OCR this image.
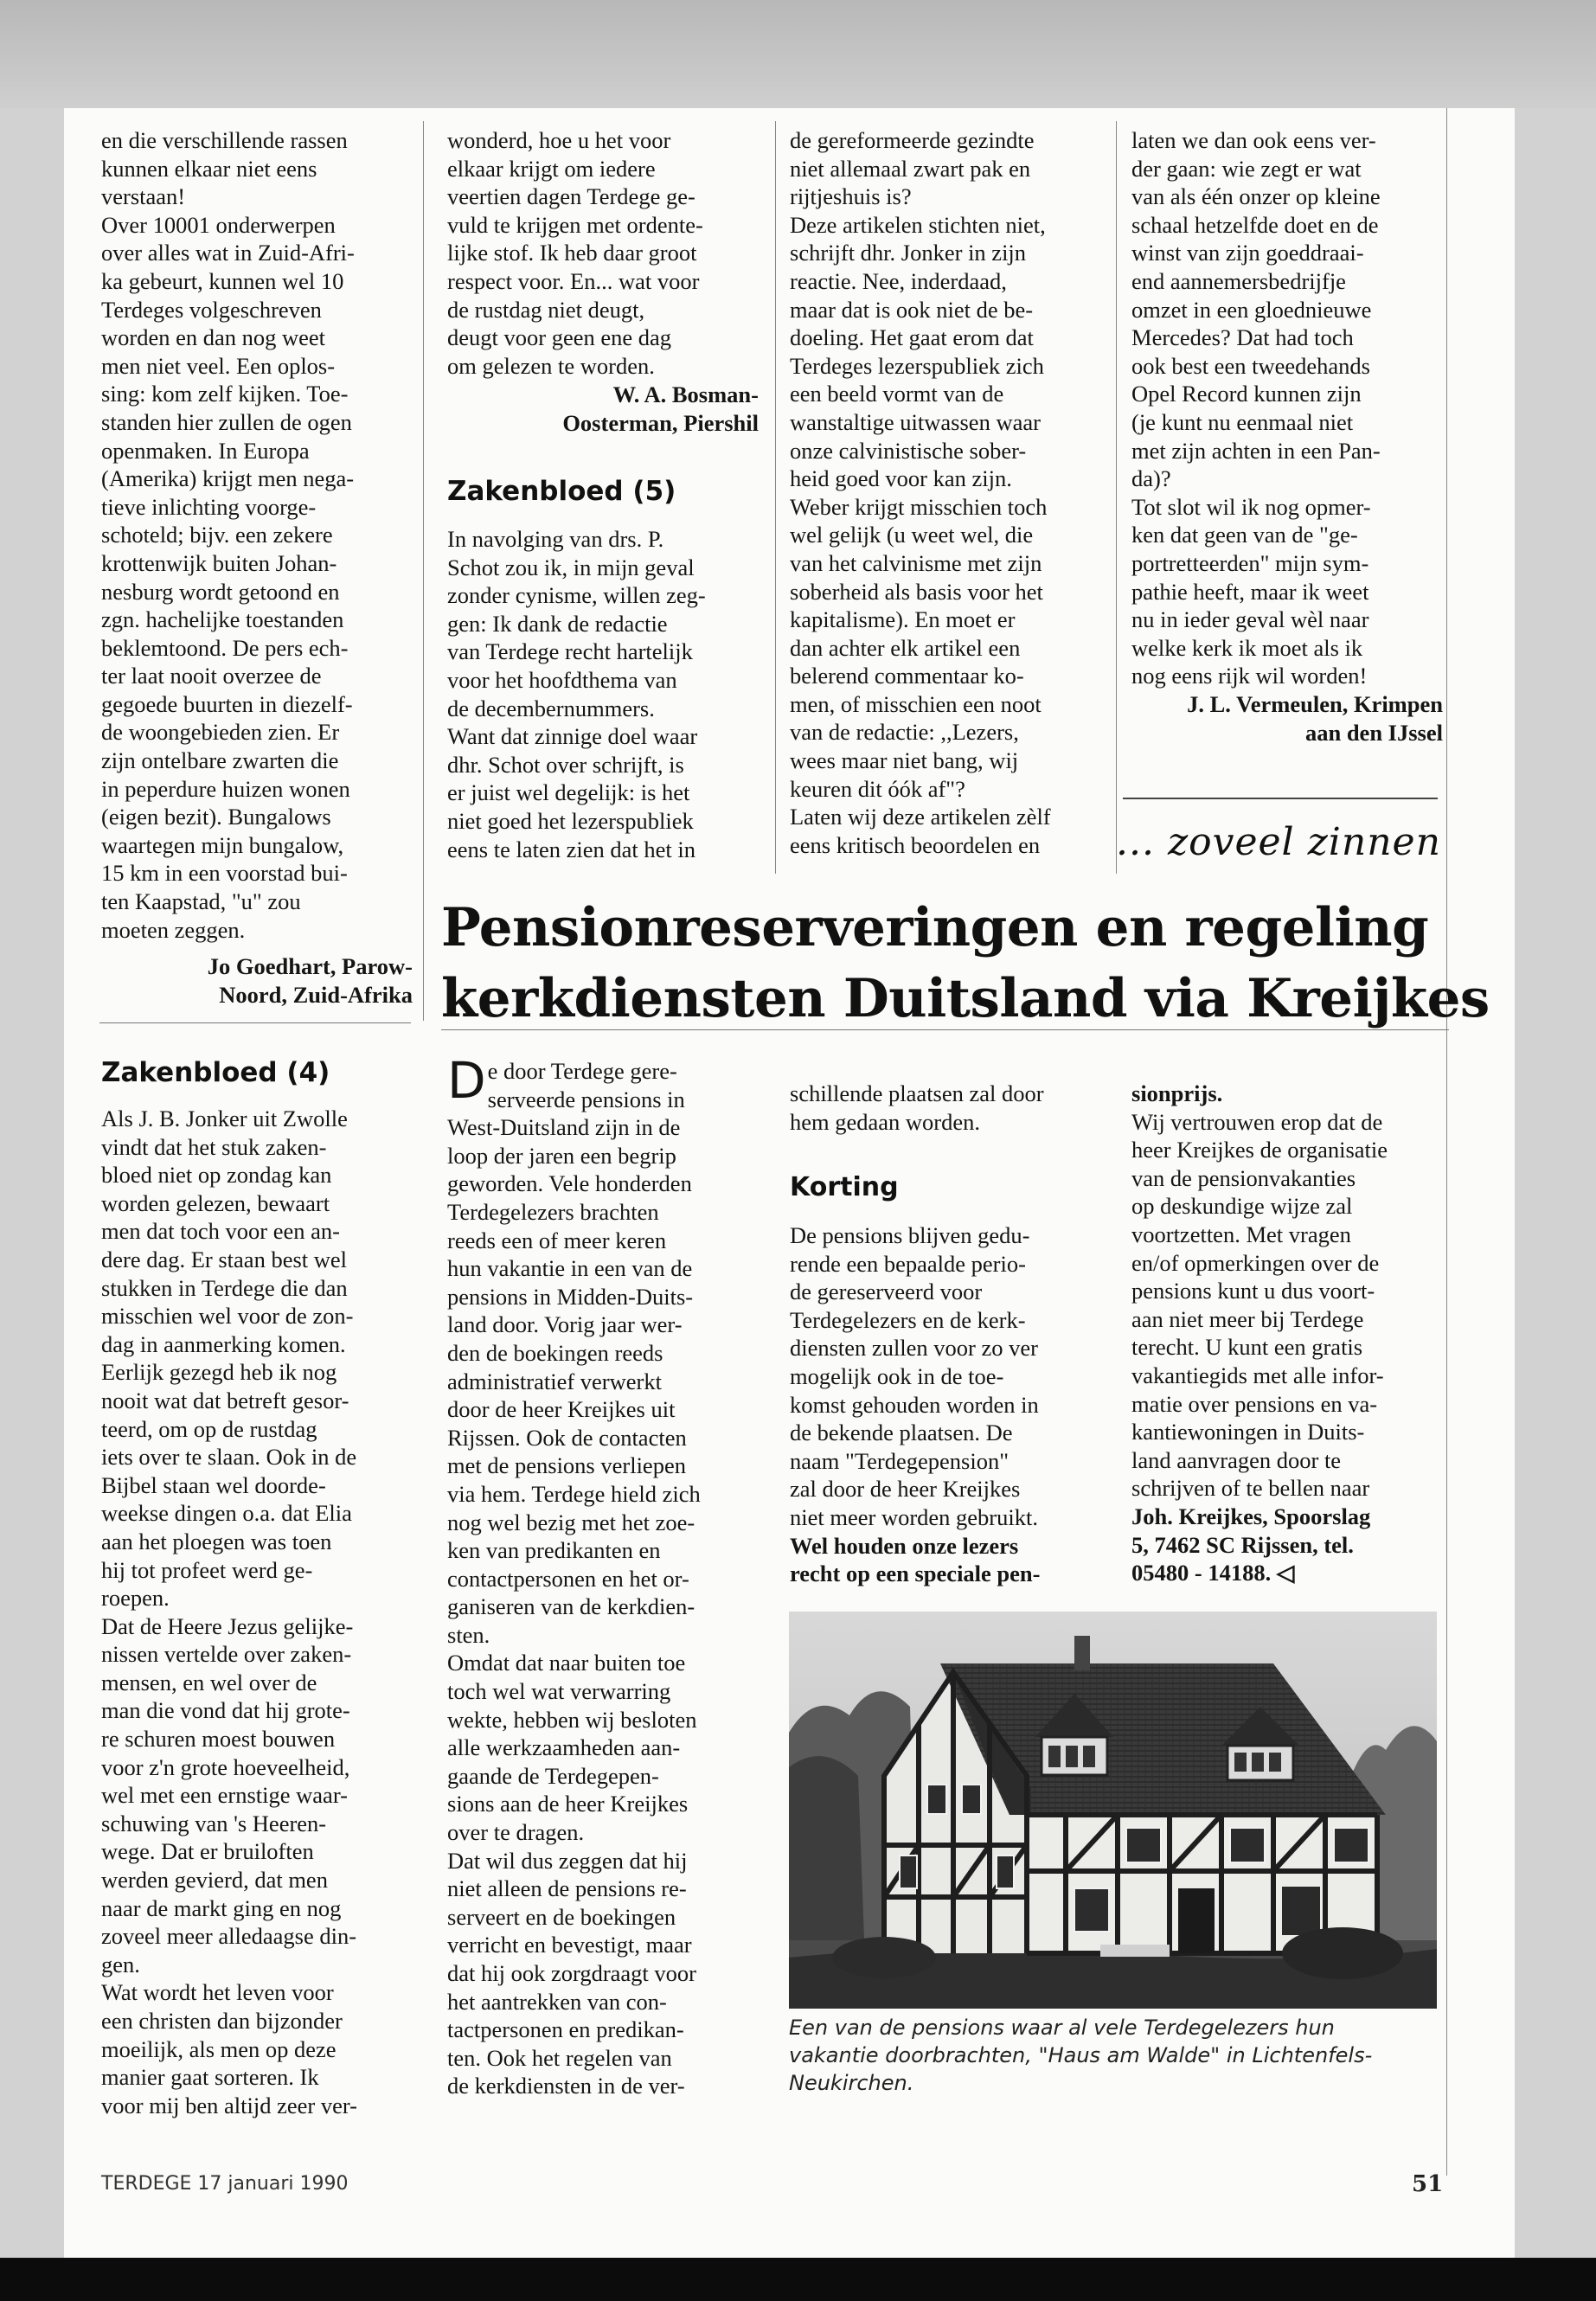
en die verschillende rassen

kunnen elkaar niet eens

verstaan!

Over 10001 onderwerpen

over alles wat in Zuid-Afri-

ka gebeurt, kunnen wel 10

Terdeges volgeschreven

worden en dan nog weet

men niet veel. Een oplos-

sing: kom zelf kijken. Toe-

standen hier zullen de ogen

openmaken. In Europa

(Amerika) krijgt men nega-

tieve inlichting voorge-

schoteld; bijv. een zekere

krottenwijk buiten Johan-

nesburg wordt getoond en

zgn. hachelijke toestanden

beklemtoond. De pers ech-

ter laat nooit overzee de

gegoede buurten in diezelf-

de woongebieden zien. Er

zijn ontelbare zwarten die

in peperdure huizen wonen

(eigen bezit). Bungalows

waartegen mijn bungalow,

15 km in een voorstad bui-

ten Kaapstad, "u" zou

moeten zeggen.

Jo Goedhart, Parow-

Noord, Zuid-Afrika

Zakenbloed (4)

Als J. B. Jonker uit Zwolle

vindt dat het stuk zaken-

bloed niet op zondag kan

worden gelezen, bewaart

men dat toch voor een an-

dere dag. Er staan best wel

stukken in Terdege die dan

misschien wel voor de zon-

dag in aanmerking komen.

Eerlijk gezegd heb ik nog

nooit wat dat betreft gesor-

teerd, om op de rustdag

iets over te slaan. Ook in de

Bijbel staan wel doorde-

weekse dingen o.a. dat Elia

aan het ploegen was toen

hij tot profeet werd ge-

roepen.

Dat de Heere Jezus gelijke-

nissen vertelde over zaken-

mensen, en wel over de

man die vond dat hij grote-

re schuren moest bouwen

voor z'n grote hoeveelheid,

wel met een ernstige waar-

schuwing van 's Heeren-

wege. Dat er bruiloften

werden gevierd, dat men

naar de markt ging en nog

zoveel meer alledaagse din-

gen.

Wat wordt het leven voor

een christen dan bijzonder

moeilijk, als men op deze

manier gaat sorteren. Ik

voor mij ben altijd zeer ver-

wonderd, hoe u het voor

elkaar krijgt om iedere

veertien dagen Terdege ge-

vuld te krijgen met ordente-

lijke stof. Ik heb daar groot

respect voor. En... wat voor

de rustdag niet deugt,

deugt voor geen ene dag

om gelezen te worden.

W. A. Bosman-

Oosterman, Piershil

Zakenbloed (5)

In navolging van drs. P.

Schot zou ik, in mijn geval

zonder cynisme, willen zeg-

gen: Ik dank de redactie

van Terdege recht hartelijk

voor het hoofdthema van

de decembernummers.

Want dat zinnige doel waar

dhr. Schot over schrijft, is

er juist wel degelijk: is het

niet goed het lezerspubliek

eens te laten zien dat het in

de gereformeerde gezindte

niet allemaal zwart pak en

rijtjeshuis is?

Deze artikelen stichten niet,

schrijft dhr. Jonker in zijn

reactie. Nee, inderdaad,

maar dat is ook niet de be-

doeling. Het gaat erom dat

Terdeges lezerspubliek zich

een beeld vormt van de

wanstaltige uitwassen waar

onze calvinistische sober-

heid goed voor kan zijn.

Weber krijgt misschien toch

wel gelijk (u weet wel, die

van het calvinisme met zijn

soberheid als basis voor het

kapitalisme). En moet er

dan achter elk artikel een

belerend commentaar ko-

men, of misschien een noot

van de redactie: ,,Lezers,

wees maar niet bang, wij

keuren dit óók af"?

Laten wij deze artikelen zèlf

eens kritisch beoordelen en

laten we dan ook eens ver-

der gaan: wie zegt er wat

van als één onzer op kleine

schaal hetzelfde doet en de

winst van zijn goeddraai-

end aannemersbedrijfje

omzet in een gloednieuwe

Mercedes? Dat had toch

ook best een tweedehands

Opel Record kunnen zijn

(je kunt nu eenmaal niet

met zijn achten in een Pan-

da)?

Tot slot wil ik nog opmer-

ken dat geen van de "ge-

portretteerden" mijn sym-

pathie heeft, maar ik weet

nu in ieder geval wèl naar

welke kerk ik moet als ik

nog eens rijk wil worden!

J. L. Vermeulen, Krimpen

aan den IJssel

... zoveel zinnen
Pensionreserveringen en regeling
kerkdiensten Duitsland via Kreijkes

De door Terdege gere-

serveerde pensions in

West-Duitsland zijn in de

loop der jaren een begrip

geworden. Vele honderden

Terdegelezers brachten

reeds een of meer keren

hun vakantie in een van de

pensions in Midden-Duits-

land door. Vorig jaar wer-

den de boekingen reeds

administratief verwerkt

door de heer Kreijkes uit

Rijssen. Ook de contacten

met de pensions verliepen

via hem. Terdege hield zich

nog wel bezig met het zoe-

ken van predikanten en

contactpersonen en het or-

ganiseren van de kerkdien-

sten.

Omdat dat naar buiten toe

toch wel wat verwarring

wekte, hebben wij besloten

alle werkzaamheden aan-

gaande de Terdegepen-

sions aan de heer Kreijkes

over te dragen.

Dat wil dus zeggen dat hij

niet alleen de pensions re-

serveert en de boekingen

verricht en bevestigt, maar

dat hij ook zorgdraagt voor

het aantrekken van con-

tactpersonen en predikan-

ten. Ook het regelen van

de kerkdiensten in de ver-

schillende plaatsen zal door

hem gedaan worden.

Korting

De pensions blijven gedu-

rende een bepaalde perio-

de gereserveerd voor

Terdegelezers en de kerk-

diensten zullen voor zo ver

mogelijk ook in de toe-

komst gehouden worden in

de bekende plaatsen. De

naam "Terdegepension"

zal door de heer Kreijkes

niet meer worden gebruikt.

Wel houden onze lezers

recht op een speciale pen-

sionprijs.

Wij vertrouwen erop dat de

heer Kreijkes de organisatie

van de pensionvakanties

op deskundige wijze zal

voortzetten. Met vragen

en/of opmerkingen over de

pensions kunt u dus voort-

aan niet meer bij Terdege

terecht. U kunt een gratis

vakantiegids met alle infor-

matie over pensions en va-

kantiewoningen in Duits-

land aanvragen door te

schrijven of te bellen naar

Joh. Kreijkes, Spoorslag

5, 7462 SC Rijssen, tel.

05480 - 14188. ◁

Een van de pensions waar al vele Terdegelezers hun

vakantie doorbrachten, "Haus am Walde" in Lichtenfels-

Neukirchen.

TERDEGE 17 januari 1990	51
